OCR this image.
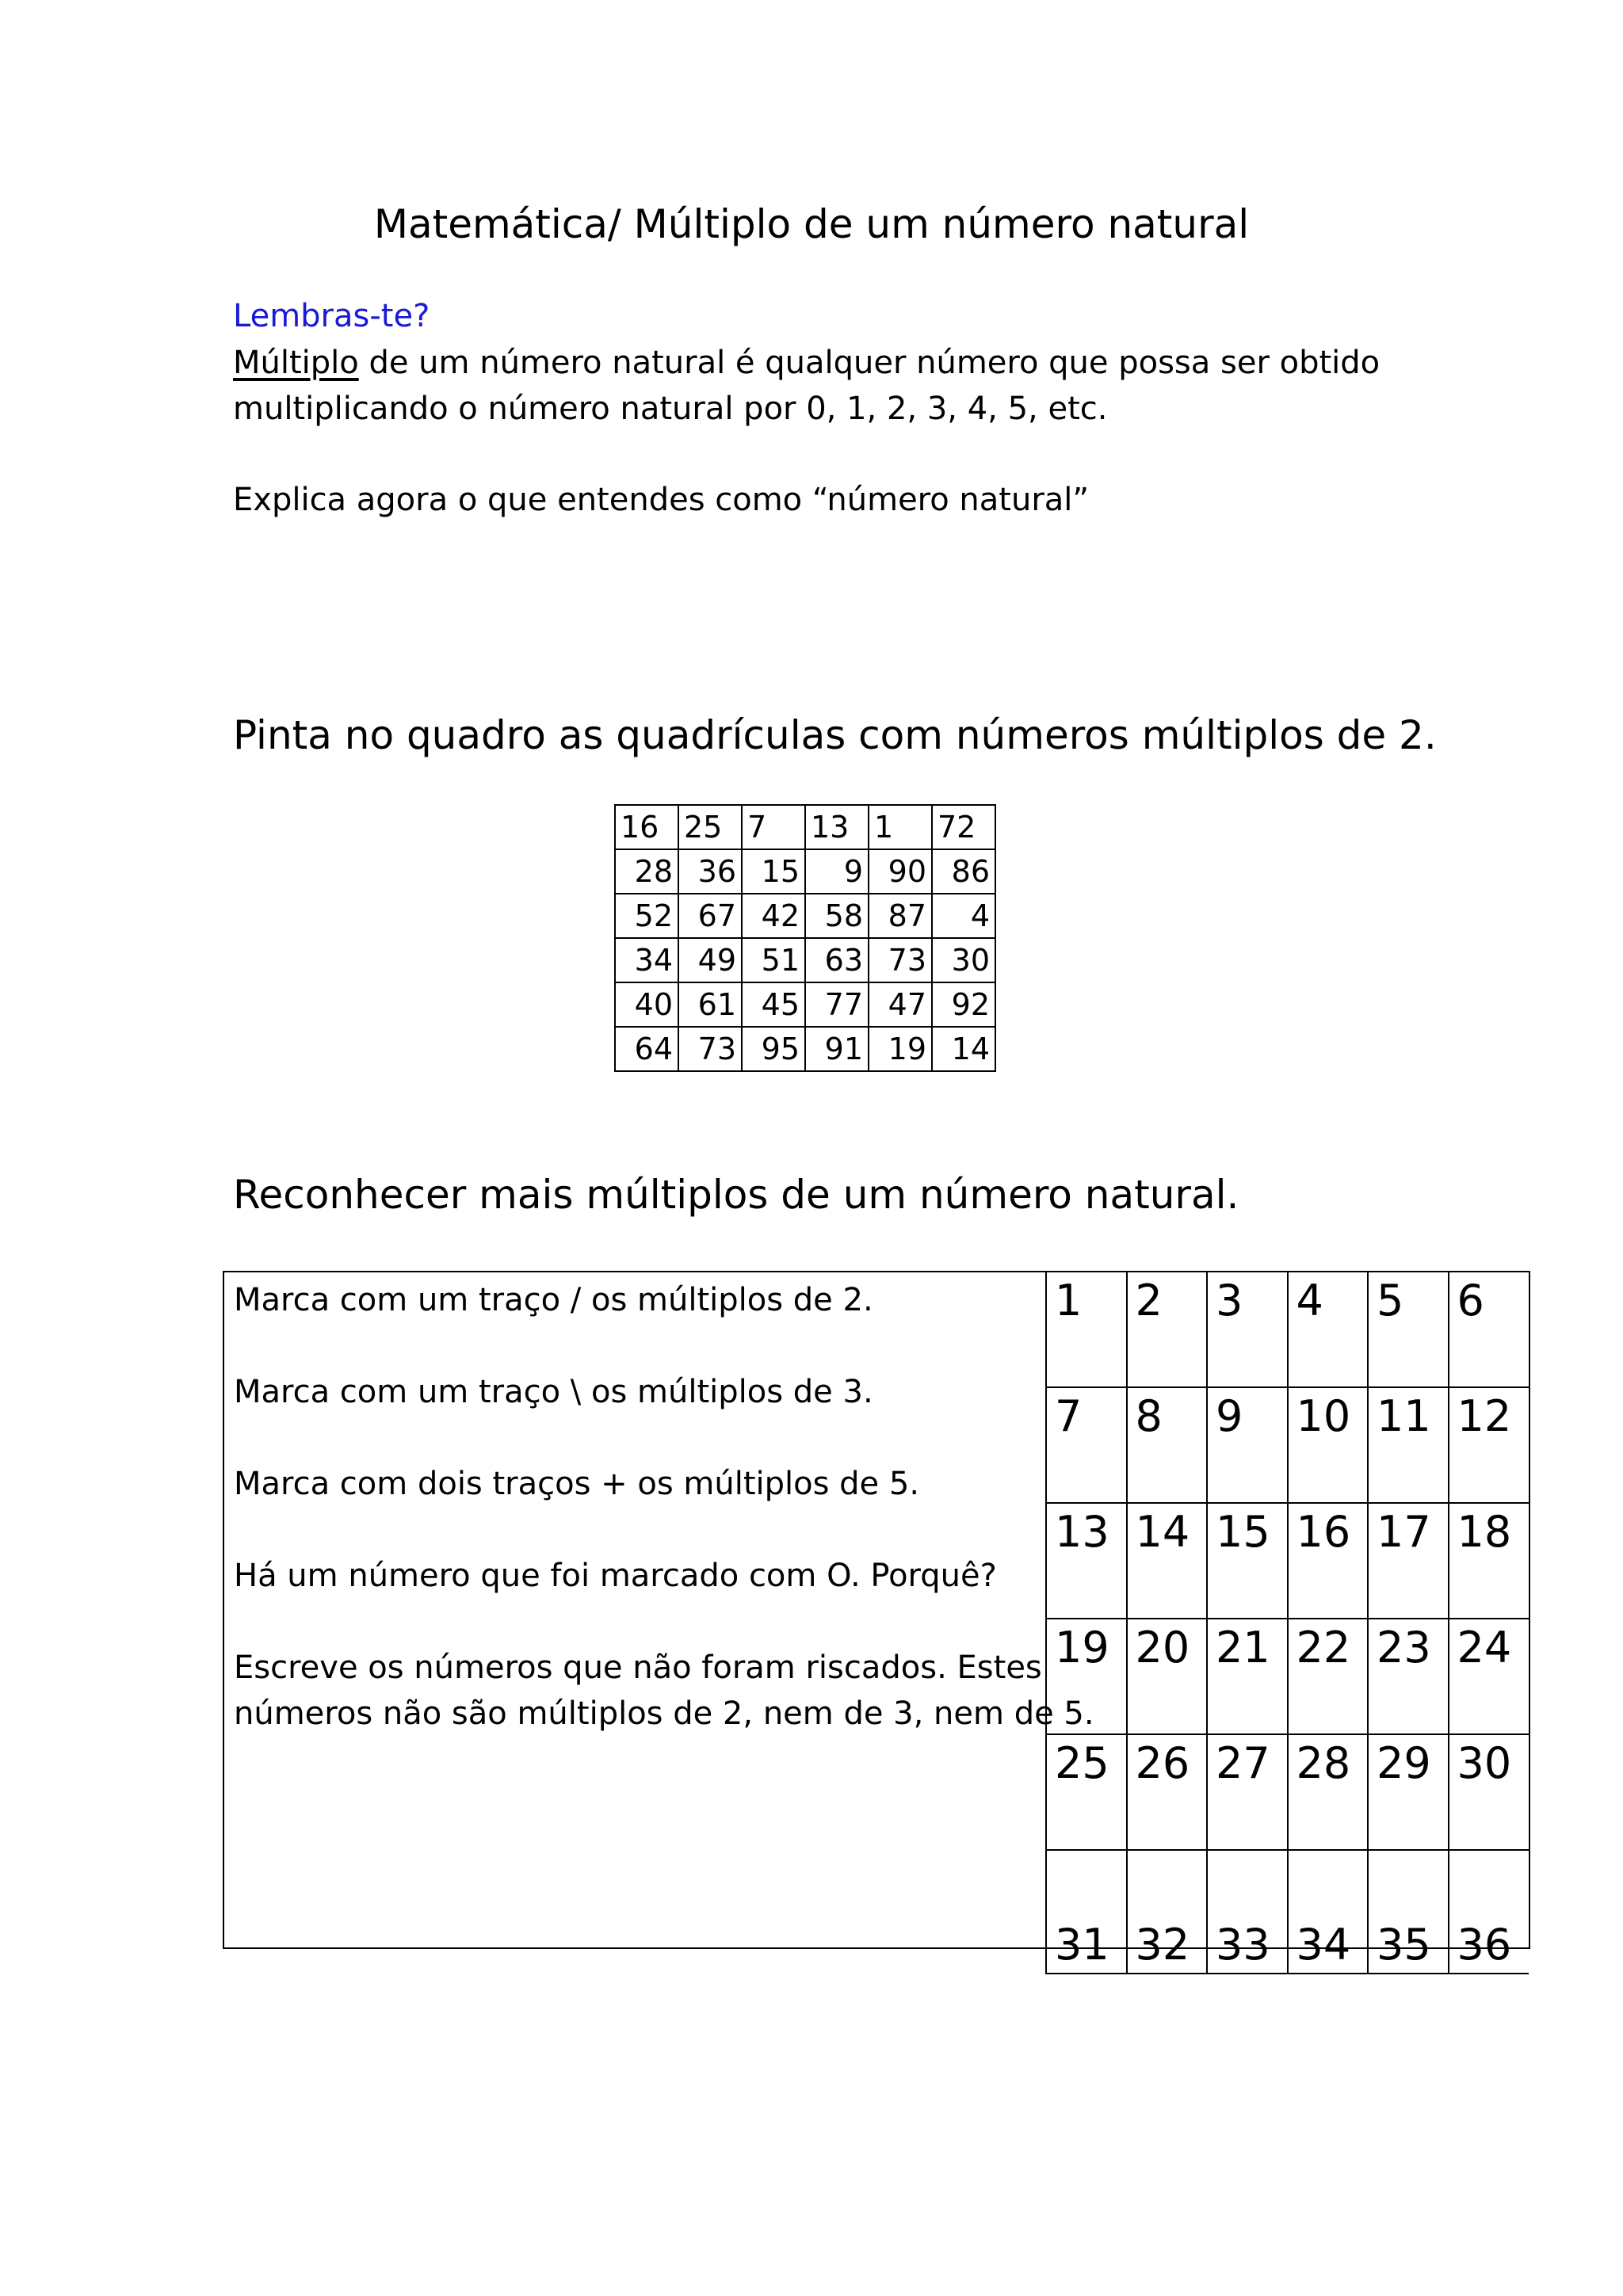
Matemática/ Múltiplo de um número natural
Lembras-te?
Múltiplo de um número natural é qualquer número que possa ser obtido
multiplicando o número natural por 0, 1, 2, 3, 4, 5, etc.
Explica agora o que entendes como “número natural”
Pinta no quadro as quadrículas com números múltiplos de 2.
16	25	7	13	1	72
28	36	15	9	90	86
52	67	42	58	87	4
34	49	51	63	73	30
40	61	45	77	47	92
64	73	95	91	19	14
Reconhecer mais múltiplos de um número natural.
Marca com um traço / os múltiplos de 2.
Marca com um traço \ os múltiplos de 3.
Marca com dois traços + os múltiplos de 5.
Há um número que foi marcado com O. Porquê?
Escreve os números que não foram riscados. Estes
números não são múltiplos de 2, nem de 3, nem de 5.
1	2	3	4	5	6
7	8	9	10	11	12
13	14	15	16	17	18
19	20	21	22	23	24
25	26	27	28	29	30
31	32	33	34	35	36
